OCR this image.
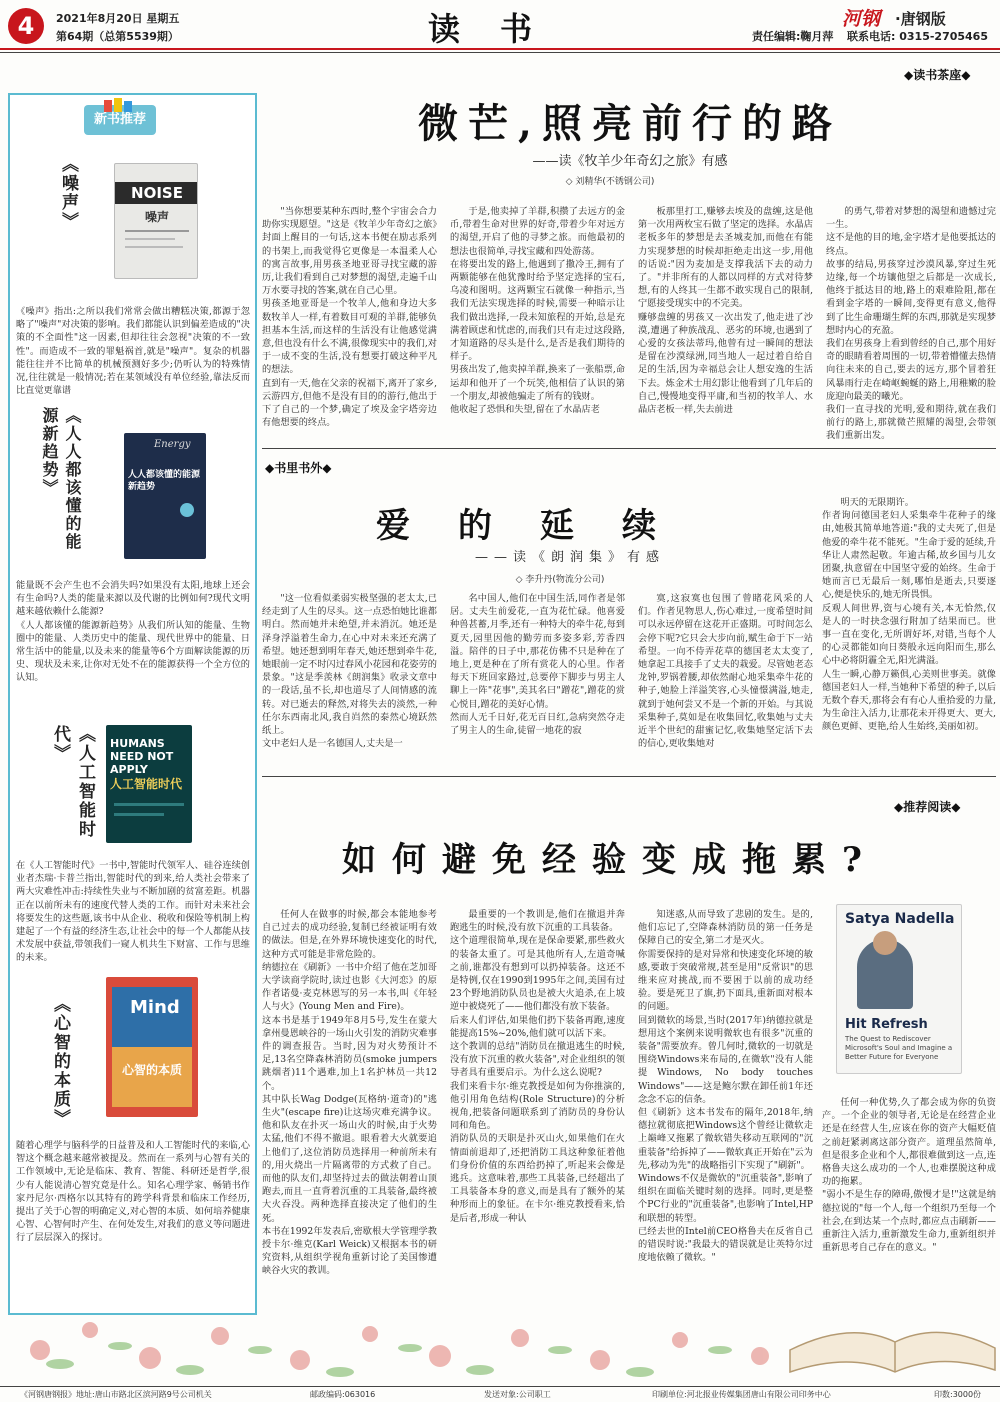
4	2021年8月20日 星期五
第64期（总第5539期）	读书	河钢 ·唐钢版
责任编辑:鞠月萍 联系电话: 0315-2705465
新书推荐
《噪声》	NOISE
噪声
《噪声》指出:之所以我们常常会做出糟糕决策,都源于忽略了"噪声"对决策的影响。我们都能认识到偏差造成的"决策的不全面性"这一因素,但却往往会忽视"决策的不一致性"。而造成不一致的罪魁祸首,就是"噪声"。复杂的机器能往往并不比简单的机械预测好多少;仍听认为的特殊情况,往往就是一般情况;若在某领域没有单位经验,靠法反而比直觉更靠谱
《人人都该懂的能源新趋势》	Energy
人人都该懂的能源新趋势
能量既不会产生也不会消失吗?如果没有太阳,地球上还会有生命吗?人类的能量来源以及代谢的比例如何?现代文明越来越依赖什么能源?
《人人都该懂的能源新趋势》从我们所认知的能量、生物圈中的能量、人类历史中的能量、现代世界中的能量、日常生活中的能量,以及未来的能量等6个方面解读能源的历史、现状及未来,让你对无处不在的能源获得一个全方位的认知。
《人工智能时代》	HUMANS NEED NOT APPLY
人工智能时代
在《人工智能时代》一书中,智能时代领军人、硅谷连续创业者杰瑞·卡普兰指出,智能时代的到来,给人类社会带来了两大灾难性冲击:持续性失业与不断加剧的贫富差距。机器正在以前所未有的速度代替人类的工作。而针对未来社会将要发生的这些题,该书中从企业、税收和保险等机制上构建起了一个有益的经济生态,让社会中的每一个人都能从技术发展中获益,带领我们一窥人机共生下财富、工作与思维的未来。
《心智的本质》	Mind
心智的本质
随着心理学与脑科学的日益普及和人工智能时代的来临,心智这个概念越来越常被提及。然而在一系列与心智有关的工作领域中,无论是临床、教育、智能、科研还是哲学,很少有人能说清心智究竟是什么。知名心理学家、畅销书作家丹尼尔·西格尔以其特有的跨学科背景和临床工作经历,提出了关于心智的明确定义,对心智的本质、如何培养健康心智、心智何时产生、在何处发生,对我们的意义等问题进行了层层深入的探讨。
◆读书茶座◆
微芒,照亮前行的路
——读《牧羊少年奇幻之旅》有感
◇ 刘精华(不锈钢公司)
"当你想要某种东西时,整个宇宙会合力助你实现愿望。"这是《牧羊少年奇幻之旅》封面上醒目的一句话,这本书便在励志系列的书架上,而我觉得它更像是一本温柔人心的寓言故事,用男孩圣地亚哥寻找宝藏的游历,让我们看到自己对梦想的渴望,走遍千山万水要寻找的答案,就在自己心里。
男孩圣地亚哥是一个牧羊人,他和身边大多数牧羊人一样,有着数目可观的羊群,能够负担基本生活,而这样的生活没有让他感觉满意,但也没有什么不满,很像现实中的我们,对于一成不变的生活,没有想要打破这种平凡的想法。
直到有一天,他在父亲的祝福下,离开了家乡,云游四方,但他不是没有目的的游行,他出于下了自己的一个梦,确定了埃及金字塔旁边有他想要的终点。
于是,他卖掉了羊群,积攒了去远方的金币,带着生命对世界的好奇,带着少年对远方的渴望,开启了他的寻梦之旅。而他最初的想法也很简单,寻找宝藏和四处游荡。
在将要出发的路上,他遇到了撒冷王,拥有了两颗能够在他犹豫时给予坚定选择的宝石,乌凌和图明。这两颗宝石就像一种指示,当我们无法实现选择的时候,需要一种暗示让我们做出选择,一段未知旅程的开始,总是充满着顾虑和忧虑的,而我们只有走过这段路,才知道路的尽头是什么,是否是我们期待的样子。
男孩出发了,他卖掉羊群,换来了一张船票,命运却和他开了一个玩笑,他相信了认识的第一个朋友,却被他骗走了所有的钱财。
他收起了恐惧和失望,留在了水晶店老
板那里打工,赚够去埃及的盘缠,这是他第一次用两枚宝石做了坚定的选择。水晶店老板多年的梦想是去圣城麦加,而他在有能力实现梦想的时候却拒绝走出这一步,用他的话说:"因为麦加是支撑我活下去的动力了。"并非所有的人都以同样的方式对待梦想,有的人终其一生都不敢实现自己的限制,宁愿接受现实中的不完美。
赚够盘缠的男孩又一次出发了,他走进了沙漠,遭遇了种族战乱、恶劣的环境,也遇到了心爱的女孩法蒂玛,他曾有过一瞬间的想法是留在沙漠绿洲,同当地人一起过着自给自足的生活,因为幸福总会让人想安逸的生活下去。炼金术士用幻影让他看到了几年后的自己,慢慢地变得平庸,和当初的牧羊人、水晶店老板一样,失去前进
的勇气,带着对梦想的渴望和遗憾过完一生。
这不是他的目的地,金字塔才是他要抵达的终点。
故事的结局,男孩穿过沙漠风暴,穿过生死边缘,每一个坊镶他望之后都是一次成长,他终于抵达目的地,路上的艰难险阻,都在看到金字塔的一瞬间,变得更有意义,他得到了比生命珊瑚生辉的东西,那就是实现梦想时内心的充盈。
我们在男孩身上看到曾经的自己,那个用好奇的眼睛看着周围的一切,带着懵懂去热情向往未来的自己,要去的远方,那个冒着狂风暴雨行走在崎岖蜿蜒的路上,用稚嫩的脸庞迎向最美的曦光。
我们一直寻找的光明,爱和期待,就在我们前行的路上,那就微芒照耀的渴望,会带领我们重新出发。
◆书里书外◆
爱的延续
——读《朗润集》有感
◇ 李升丹(物流分公司)
"这一位看似柔弱实极坚强的老太太,已经走到了人生的尽头。这一点恐怕她比谁都明白。然而她并未绝望,并未消沉。她还是泽身浮溢着生命力,在心中对未来还充满了希望。她还想到明年春天,她还想到牵牛花,她眼前一定不时闪过春风小花园和花姿劳的景象。"这是季羡林《朗润集》收录文章中的一段话,虽不长,却也道尽了人间情感的流转。对已逝去的释然,对将失去的淡然,一种任尔东西南北风,我自岿然的泰然心境跃然纸上。
文中老妇人是一名德国人,丈夫是一
名中国人,他们在中国生活,同作者是邻居。丈夫生前爱花,一直为花忙碌。他喜爱种兽甚蓄,月季,还有一种特大的牵牛花,每到夏天,园里因他的勤劳而多姿多彩,芳香四溢。陪伴的日子中,那花仿佛不只是种在了地上,更是种在了所有赏花人的心里。作者每天下班回家路过,总要停下脚步与男主人聊上一阵"花事",美其名曰"蹭花",蹭花的赏心悦目,蹭花的美好心情。
然而人无千日好,花无百日红,急病突然夺走了男主人的生命,徒留一地花的寂
寞,这寂寞也包围了曾睹花风采的人们。作者见物思人,伤心难过,一度希望时间可以永远停留在这花开正盛期。可时间怎么会停下呢?它只会大步向前,赋生命于下一站希望。一向不侍弄花草的德国老太太变了,她拿起工具接手了丈夫的栽爱。尽管她老态龙钟,罗锅着腰,却依然耐心地采集牵牛花的种子,她脸上洋溢笑容,心头憧憬满溢,她走,就到于她何尝又不是一个新的开始。与其说采集种子,莫如是在收集回忆,收集她与丈夫近半个世纪的甜蜜记忆,收集她坚定活下去的信心,更收集她对
明天的无限期许。
作者询问德国老妇人采集牵牛花种子的缘由,她极其简单地答道:"我的丈夫死了,但是他爱的牵牛花不能死。"生命于爱的延续,升华让人肃然起敬。年逾古稀,故乡国与儿女团聚,执意留在中国坚守爱的始终。生命于她而言已无最后一刻,哪怕是逝去,只要逐心,便是快乐的,她无所畏惧。
反观人间世界,资与心境有关,本无恰然,仅是人的一时抉念强行附加了结果而已。世事一直在变化,无所谓好坏,对错,当每个人的心灵都能如向日葵般永远向阳而生,那么心中必将阴霾全无,阳光满溢。
人生一瞬,心静万籁俱,心美则世事美。就像德国老妇人一样,当她种下希望的种子,以后无数个春天,那将会有有心人重拾爱的力量,为生命注入活力,让那花未开得更大、更大,颜色更鲜、更艳,给人生始终,美丽如初。
◆推荐阅读◆
如何避免经验变成拖累?
任何人在做事的时候,都会本能地参考自己过去的成功经验,复制已经被证明有效的做法。但是,在外界环境快速变化的时代,这种方式可能是非常危险的。
纳德拉在《刷新》一书中介绍了他在芝加哥大学读商学院时,读过也影《大河恋》的原作者诺曼·麦克林恩写的另一本书,叫《年轻人与火》(Young Men and Fire)。
这本书是基于1949年8月5号,发生在蒙大拿州曼恩峡谷的一场山火引发的消防灾难事件的调查报告。当时,因为对火势预计不足,13名空降森林消防员(smoke jumpers跳烟者)11个遇难,加上1名护林员一共12个。
其中队长Wag Dodge(瓦格纳·道奇)的"逃生火"(escape fire)让这场灾难充满争议。他和队友在扑灭一场山火的时候,由于火势太猛,他们不得不撤退。眼看着大火就要追上他们了,这位消防员选择用一种前所未有的,用火烧出一片隔离带的方式救了自己。而他的队友们,却坚持过去的做法朝着山顶跑去,而且一直背着沉重的工具装备,最终被大火吞没。两种选择直接决定了他们的生死。
本书在1992年发表后,密歇根大学管理学教授卡尔·维克(Karl Weick)又根据本书的研究资料,从组织学视角重新讨论了美国惨遭峡谷火灾的教训。
最重要的一个教训是,他们在撤退并奔跑逃生的时候,没有放下沉重的工具装备。
这个道理很简单,现在是保命要紧,那些救火的装备太重了。可是其他所有人,左道奇喊之前,谁都没有想到可以扔掉装备。这还不是特例,仅在1990到1995年之间,美国有过23个野地消防队员也是被大火追杀,在上坡逆中被烧死了——他们都没有放下装备。
后来人们评估,如果他们扔下装备再跑,速度能提高15%~20%,他们就可以活下来。
这个教训的总结"消防员在撤退逃生的时候,没有放下沉重的救火装备",对企业组织的领导者具有重要启示。为什么这么说呢?
我们来看卡尔·维克教授是如何为你推演的,他引用角色结构(Role Structure)的分析视角,把装备问题联系到了消防员的身份认同和角色。
消防队员的天职是扑灭山火,如果他们在火情面前退却了,还把消防工具这种象征着他们身份价值的东西给扔掉了,听起来会像是逃兵。这意味着,那些工具装备,已经超出了工具装备本身的意义,而是具有了额外的某种形而上的象征。在卡尔·维克教授看来,恰是后者,形成一种认
知迷惑,从而导致了悲剧的发生。是的,他们忘记了,空降森林消防员的第一任务是保障自己的安全,第二才是灭火。
你需要保持的是对异常和快速变化环境的敏感,要敢于突破常规,甚至是用"反常识"的思维来应对挑战,而不要困于以前的成功经验。要是死卫了旗,扔下面具,重新面对根本的问题。
回到微软的场景,当时(2017年)纳德拉就是想用这个案例来说明微软也有很多"沉重的装备"需要放弃。曾几何时,微软的一切就是围绕Windows来布局的,在微软"没有人能提Windows, No body touches Windows"——这是鲍尔默在卸任前1年还念念不忘的信条。
但《刷新》这本书发布的隔年,2018年,纳德拉就彻底把Windows这个曾经让微软走上巅峰又拖累了微软错失移动互联网的"沉重装备"给拆掉了——微软真正开始在"云为先,移动为先"的战略指引下实现了"刷新"。
Windows不仅是微软的"沉重装备",影响了组织在面临关键时刻的选择。同时,更是整个PC行业的"沉重装备",也影响了Intel,HP和联想的转型。
已经去世的Intel前CEO格鲁夫在反省自己的错误时说:"我最大的错误就是让英特尔过度地依赖了微软。"
Satya Nadella
Hit Refresh
The Quest to Rediscover Microsoft's Soul and Imagine a Better Future for Everyone
任何一种优势,久了都会成为你的负资产。一个企业的领导者,无论是在经营企业还是在经营人生,应该在你的资产大幅贬值之前赶紧剥离这部分资产。道理虽然简单,但是很多企业和个人,都很难做到这一点,连格鲁夫这么成功的一个人,也难摆脱这种成功的拖累。
"弱小不是生存的障碍,傲慢才是!"这就是纳德拉说的"每一个人,每一个组织乃至每一个社会,在到达某一个点时,都应点击刷新——重新注入活力,重新激发生命力,重新组织并重新思考自己存在的意义。"
《河钢唐钢报》地址:唐山市路北区滨河路9号公司机关	邮政编码:063016	发送对象:公司职工	印刷单位:河北报业传媒集团唐山有限公司印务中心	印数:3000份
